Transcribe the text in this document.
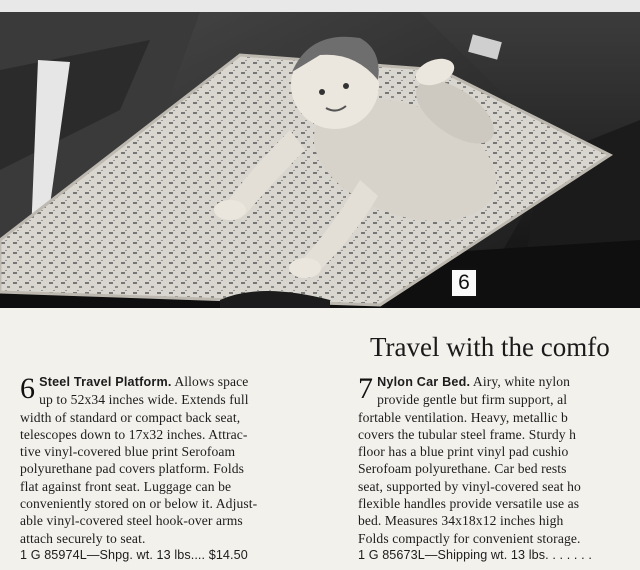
6
Travel with the comfo
6 Steel Travel Platform. Allows space
up to 52x34 inches wide. Extends full
width of standard or compact back seat,
telescopes down to 17x32 inches. Attrac-
tive vinyl-covered blue print Serofoam
polyurethane pad covers platform. Folds
flat against front seat. Luggage can be
conveniently stored on or below it. Adjust-
able vinyl-covered steel hook-over arms
attach securely to seat.
1 G 85974L—Shpg. wt. 13 lbs.... $14.50
7 Nylon Car Bed. Airy, white nylon
provide gentle but firm support, al
fortable ventilation. Heavy, metallic b
covers the tubular steel frame. Sturdy h
floor has a blue print vinyl pad cushio
Serofoam polyurethane. Car bed rests
seat, supported by vinyl-covered seat ho
flexible handles provide versatile use as
bed. Measures 34x18x12 inches high
Folds compactly for convenient storage.
1 G 85673L—Shipping wt. 13 lbs. . . . . . .
